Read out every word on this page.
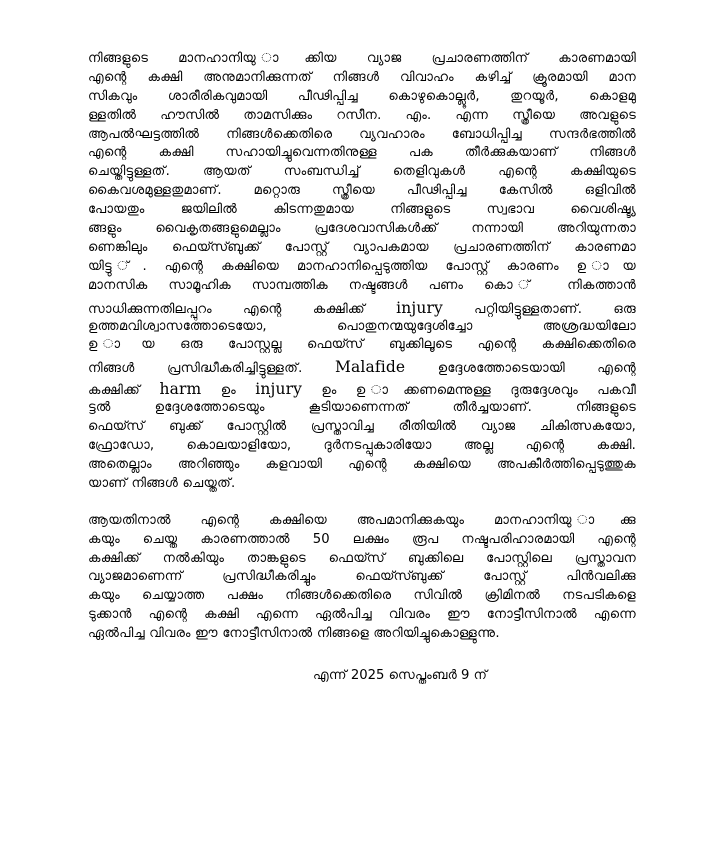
നിങ്ങളുടെ മാനഹാനിയു ാക്കിയ വ്യാജ പ്രചാരണത്തിന് കാരണമായി
എന്റെ കക്ഷി അനുമാനിക്കുന്നത് നിങ്ങൾ വിവാഹം കഴിച്ച് ക്രൂരമായി മാന
സികവും ശാരീരികവുമായി പീഢിപ്പിച്ച കൊഴുകൊല്ലൂർ, തുറയൂർ, കൊളമു
ള്ളതിൽ ഹൗസിൽ താമസിക്കും റസീന. എം. എന്ന സ്ത്രീയെ അവളുടെ
ആപൽഘട്ടത്തിൽ നിങ്ങൾക്കെതിരെ വ്യവഹാരം ബോധിപ്പിച്ച സന്ദർഭത്തിൽ
എന്റെ കക്ഷി സഹായിച്ചുവെന്നതിനുള്ള പക തീർക്കുകയാണ് നിങ്ങൾ
ചെയ്തിട്ടുള്ളത്. ആയത് സംബന്ധിച്ച് തെളിവുകൾ എന്റെ കക്ഷിയുടെ
കൈവശമുള്ളതുമാണ്. മറ്റൊരു സ്ത്രീയെ പീഢിപ്പിച്ച കേസിൽ ഒളിവിൽ
പോയതും ജയിലിൽ കിടന്നതുമായ നിങ്ങളുടെ സ്വഭാവ വൈശിഷ്ട്യ
ങ്ങളും വൈകൃതങ്ങളുമെല്ലാം പ്രദേശവാസികൾക്ക് നന്നായി അറിയുന്നതാ
ണെങ്കിലും ഫെയ്സ്ബുക്ക് പോസ്റ്റ് വ്യാപകമായ പ്രചാരണത്തിന് കാരണമാ
യിട്ടു ്. എന്റെ കക്ഷിയെ മാനഹാനിപ്പെടുത്തിയ പോസ്റ്റ് കാരണം ഉ ായ
മാനസിക സാമൂഹിക സാമ്പത്തിക നഷ്ടങ്ങൾ പണം കൊ ് നികത്താൻ
സാധിക്കുന്നതിലപ്പുറം എന്റെ കക്ഷിക്ക് injury പറ്റിയിട്ടുള്ളതാണ്. ഒരു
ഉത്തമവിശ്വാസത്തോടെയോ, പൊതുനന്മയുദ്ദേശിച്ചോ അശ്രദ്ധയിലോ
ഉ ായ ഒരു പോസ്റ്റല്ല ഫെയ്സ് ബുക്കിലൂടെ എന്റെ കക്ഷിക്കെതിരെ
നിങ്ങൾ പ്രസിദ്ധീകരിച്ചിട്ടുള്ളത്. Malafide ഉദ്ദേശത്തോടെയായി എന്റെ
കക്ഷിക്ക് harm ഉം injury ഉം ഉ ാക്കണമെന്നുള്ള ദുരുദ്ദേശവും പകവീ
ട്ടൽ ഉദ്ദേശത്തോടെയും കൂടിയാണെന്നത് തീർച്ചയാണ്. നിങ്ങളുടെ
ഫെയ്സ് ബുക്ക് പോസ്റ്റിൽ പ്രസ്താവിച്ച രീതിയിൽ വ്യാജ ചികിത്സകയോ,
ഫ്രോഡോ, കൊലയാളിയോ, ദുർനടപ്പുകാരിയോ അല്ല എന്റെ കക്ഷി.
അതെല്ലാം അറിഞ്ഞും കളവായി എന്റെ കക്ഷിയെ അപകീർത്തിപ്പെടുത്തുക
യാണ് നിങ്ങൾ ചെയ്തത്.
ആയതിനാൽ എന്റെ കക്ഷിയെ അപമാനിക്കുകയും മാനഹാനിയു ാക്കു
കയും ചെയ്ത കാരണത്താൽ 50 ലക്ഷം രൂപ നഷ്ടപരിഹാരമായി എന്റെ
കക്ഷിക്ക് നൽകിയും താങ്കളുടെ ഫെയ്സ് ബുക്കിലെ പോസ്റ്റിലെ പ്രസ്താവന
വ്യാജമാണെന്ന് പ്രസിദ്ധീകരിച്ചും ഫെയ്സ്ബുക്ക് പോസ്റ്റ് പിൻവലിക്കു
കയും ചെയ്യാത്ത പക്ഷം നിങ്ങൾക്കെതിരെ സിവിൽ ക്രിമിനൽ നടപടികളെ
ടുക്കാൻ എന്റെ കക്ഷി എന്നെ ഏൽപിച്ച വിവരം ഈ നോട്ടീസിനാൽ എന്നെ
ഏൽപിച്ച വിവരം ഈ നോട്ടീസിനാൽ നിങ്ങളെ അറിയിച്ചുകൊള്ളുന്നു.
എന്ന് 2025 സെപ്തംബർ 9 ന്
